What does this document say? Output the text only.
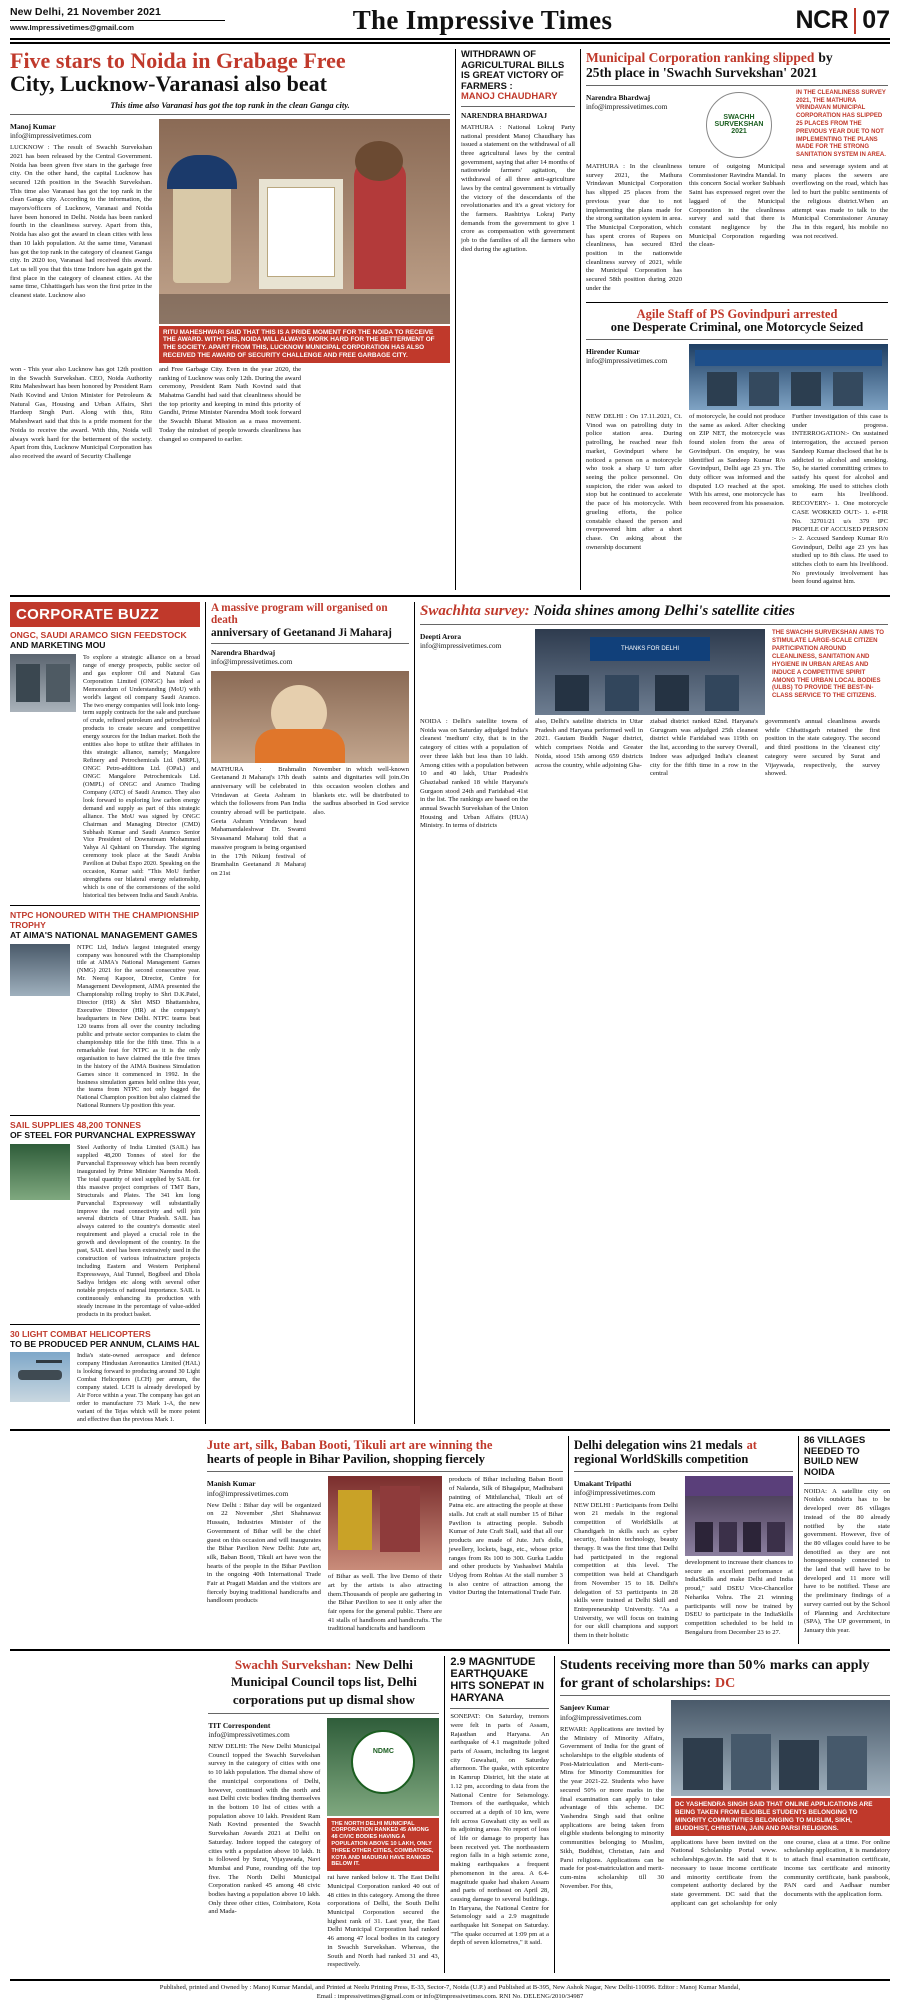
New Delhi, 21 November 2021
www.Impressivetimes@gmail.com	The Impressive Times	NCR 07
Five stars to Noida in Grabage Free
City, Lucknow-Varanasi also beat
This time also Varanasi has got the top rank in the clean Ganga city.
Manoj Kumar
info@impressivetimes.com

LUCKNOW : The result of Swachh Survekshan 2021 has been released by the Central Government. Noida has been given five stars in the garbage free city. On the other hand, the capital Lucknow has secured 12th position in the Swachh Survekshan. This time also Varanasi has got the top rank in the clean Ganga city. According to the information, the mayors/officers of Lucknow, Varanasi and Noida have been honored in Delhi. Noida has been ranked fourth in the cleanliness survey. Apart from this, Noida has also got the award in clean cities with less than 10 lakh population. At the same time, Varanasi has got the top rank in the category of cleanest Ganga city. In 2020 too, Varanasi had received this award. Let us tell you that this time Indore has again got the first place in the category of cleanest cities. At the same time, Chhattisgarh has won the first prize in the cleanest state. Lucknow also

RITU MAHESHWARI SAID THAT THIS IS A PRIDE MOMENT FOR THE NOIDA TO RECEIVE THE AWARD. WITH THIS, NOIDA WILL ALWAYS WORK HARD FOR THE BETTERMENT OF THE SOCIETY. APART FROM THIS, LUCKNOW MUNICIPAL CORPORATION HAS ALSO RECEIVED THE AWARD OF SECURITY CHALLENGE AND FREE GARBAGE CITY.

won - This year also Lucknow has got 12th position in the Swachh Survekshan. CEO, Noida Authority Ritu Maheshwari has been honored by President Ram Nath Kovind and Union Minister for Petroleum & Natural Gas, Housing and Urban Affairs, Shri Hardeep Singh Puri. Along with this, Ritu Maheshwari said that this is a pride moment for the Noida to receive the award. With this, Noida will always work hard for the betterment of the society. Apart from this, Lucknow Municipal Corporation has also received the award of Security Challenge

and Free Garbage City. Even in the year 2020, the ranking of Lucknow was only 12th. During the award ceremony, President Ram Nath Kovind said that Mahatma Gandhi had said that cleanliness should be the top priority and keeping in mind this priority of Gandhi, Prime Minister Narendra Modi took forward the Swachh Bharat Mission as a mass movement. Today the mindset of people towards cleanliness has changed so compared to earlier.

WITHDRAWN OF AGRICULTURAL BILLS IS GREAT VICTORY OF FARMERS :
MANOJ CHAUDHARY
NARENDRA BHARDWAJ

MATHURA : National Lokraj Party national president Manoj Chaudhary has issued a statement on the withdrawal of all three agricultural laws by the central government, saying that after 14 months of nationwide farmers' agitation, the withdrawal of all three anti-agriculture laws by the central government is virtually the victory of the descendants of the revolutionaries and it's a great victory for the farmers. Rashtriya Lokraj Party demands from the government to give 1 crore as compensation with government job to the families of all the farmers who died during the agitation.

Municipal Corporation ranking slipped by
25th place in 'Swachh Survekshan' 2021
Narendra Bhardwaj
info@impressivetimes.com
SWACHH
SURVEKSHAN
2021
IN THE CLEANLINESS SURVEY 2021, THE MATHURA VRINDAVAN MUNICIPAL CORPORATION HAS SLIPPED 25 PLACES FROM THE PREVIOUS YEAR DUE TO NOT IMPLEMENTING THE PLANS MADE FOR THE STRONG SANITATION SYSTEM IN AREA.

MATHURA : In the cleanliness survey 2021, the Mathura Vrindavan Municipal Corporation has slipped 25 places from the previous year due to not implementing the plans made for the strong sanitation system in area. The Municipal Corporation, which has spent crores of Rupees on cleanliness, has secured 83rd position in the nationwide cleanliness survey of 2021, while the Municipal Corporation has secured 58th position during 2020 under the

tenure of outgoing Municipal Commissioner Ravindra Mandal. In this concern Social worker Subhash Saini has expressed regret over the laggard of the Municipal Corporation in the cleanliness survey and said that there is constant negligence by the Municipal Corporation regarding the clean-

ness and sewerage system and at many places the sewers are overflowing on the road, which has led to hurt the public sentiments of the religious district.When an attempt was made to talk to the Municipal Commissioner Anunay Jha in this regard, his mobile no was not received.

Agile Staff of PS Govindpuri arrested
one Desperate Criminal, one Motorcycle Seized
Hirender Kumar
info@impressivetimes.com

NEW DELHI : On 17.11.2021, Ct. Vinod was on patrolling duty in police station area. During patrolling, he reached near fish market, Govindpuri where he noticed a person on a motorcycle who took a sharp U turn after seeing the police personnel. On suspicion, the rider was asked to stop but he continued to accelerate the pace of his motorcycle. With grueling efforts, the police constable chased the person and overpowered him after a short chase. On asking about the ownership document

of motorcycle, he could not produce the same as asked. After checking on ZIP NET, the motorcycle was found stolen from the area of Govindpuri. On enquiry, he was identified as Sandeep Kumar R/o Govindpuri, Delhi age 23 yrs. The duty officer was informed and the disputed I.O reached at the spot. With his arrest, one motorcycle has been recovered from his possession.

Further investigation of this case is under progress. INTERROGATION:- On sustained interrogation, the accused person Sandeep Kumar disclosed that he is addicted to alcohol and smoking. So, he started committing crimes to satisfy his quest for alcohol and smoking. He used to stitches cloth to earn his livelihood. RECOVERY:- 1. One motorcycle CASE WORKED OUT:- 1. e-FIR No. 32701/21 u/s 379 IPC PROFILE OF ACCUSED PERSON :- 2. Accused Sandeep Kumar R/o Govindpuri, Delhi age 23 yrs has studied up to 8th class. He used to stitches cloth to earn his livelihood. No previously involvement has been found against him.

CORPORATE BUZZ
ONGC, SAUDI ARAMCO SIGN FEEDSTOCK
AND MARKETING MOU
To explore a strategic alliance on a broad range of energy prospects, public sector oil and gas explorer Oil and Natural Gas Corporation Limited (ONGC) has inked a Memorandum of Understanding (MoU) with world's largest oil company Saudi Aramco. The two energy companies will look into long-term supply contracts for the sale and purchase of crude, refined petroleum and petrochemical products to create secure and competitive energy sources for the Indian market. Both the entities also hope to utilize their affiliates in this strategic alliance, namely; Mangalore Refinery and Petrochemicals Ltd. (MRPL), ONGC Petro-additions Ltd. (OPaL) and ONGC Mangalore Petrochemicals Ltd. (OMPL) of ONGC and Aramco Trading Company (ATC) of Saudi Aramco. They also look forward to exploring low carbon energy demand and supply as part of this strategic alliance. The MoU was signed by ONGC Chairman and Managing Director (CMD) Subhash Kumar and Saudi Aramco Senior Vice President of Downstream Mohammed Yahya Al Qahtani on Thursday. The signing ceremony took place at the Saudi Arabia Pavilion at Dubai Expo 2020. Speaking on the occasion, Kumar said: "This MoU further strengthens our bilateral energy relationship, which is one of the cornerstones of the solid historical ties between India and Saudi Arabia.
NTPC HONOURED WITH THE CHAMPIONSHIP TROPHY
AT AIMA'S NATIONAL MANAGEMENT GAMES
NTPC Ltd, India's largest integrated energy company was honoured with the Championship title at AIMA's National Management Games (NMG) 2021 for the second consecutive year. Mr. Neeraj Kapoor, Director, Centre for Management Development, AIMA presented the Championship rolling trophy to Shri D.K.Patel, Director (HR) & Shri MSD Bhattamishra, Executive Director (HR) at the company's headquarters in New Delhi. NTPC teams beat 120 teams from all over the country including public and private sector companies to claim the championship title for the fifth time. This is a remarkable feat for NTPC as it is the only organisation to have claimed the title five times in the history of the AIMA Business Simulation Games since it commenced in 1992. In the business simulation games held online this year, the teams from NTPC not only bagged the National Champion position but also claimed the National Runners Up position this year.
SAIL SUPPLIES 48,200 TONNES
OF STEEL FOR PURVANCHAL EXPRESSWAY
Steel Authority of India Limited (SAIL) has supplied 48,200 Tonnes of steel for the Purvanchal Expressway which has been recently inaugurated by Prime Minister Narendra Modi. The total quantity of steel supplied by SAIL for this massive project comprises of TMT Bars, Structurals and Plates. The 341 km long Purvanchal Expressway will substantially improve the road connectivity and will join several districts of Uttar Pradesh. SAIL has always catered to the country's domestic steel requirement and played a crucial role in the growth and development of the country. In the past, SAIL steel has been extensively used in the construction of various infrastructure projects including Eastern and Western Peripheral Expressways, Atal Tunnel, Bogibeel and Dhola Sadiya bridges etc along with several other notable projects of national importance. SAIL is continuously enhancing its production with steady increase in the percentage of value-added products in its product basket.
30 LIGHT COMBAT HELICOPTERS
TO BE PRODUCED PER ANNUM, CLAIMS HAL
India's state-owned aerospace and defence company Hindustan Aeronautics Limited (HAL) is looking forward to producing around 30 Light Combat Helicopters (LCH) per annum, the company stated. LCH is already developed by Air Force within a year. The company has got an order to manufacture 73 Mark 1-A, the new variant of the Tejas which will be more potent and effective than the previous Mark 1.
A massive program will organised on death
anniversary of Geetanand Ji Maharaj
Narendra Bhardwaj
info@impressivetimes.com

MATHURA : Brahmalin Geetanand Ji Maharaj's 17th death anniversary will be celebrated in Vrindavan at Geeta Ashram in which the followers from Pan India country abroad will be participate. Geeta Ashram Vrindavan head Mahamandaleshwar Dr. Swami Sivasanand Maharaj told that a massive program is being organised in the 17th Nikunj festival of Bramhalin Geetanand Ji Maharaj on 21st

November in which well-known saints and dignitaries will join.On this occasion woolen clothes and blankets etc. will be distributed to the sadhus absorbed in God service also.

Swachhta survey: Noida shines among Delhi's satellite cities
Deepti Arora
info@impressivetimes.com	THANKS FOR DELHI
THE SWACHH SURVEKSHAN AIMS TO STIMULATE LARGE-SCALE CITIZEN PARTICIPATION AROUND CLEANLINESS, SANITATION AND HYGIENE IN URBAN AREAS AND INDUCE A COMPETITIVE SPIRIT AMONG THE URBAN LOCAL BODIES (ULBS) TO PROVIDE THE BEST-IN-CLASS SERVICE TO THE CITIZENS.

NOIDA : Delhi's satellite towns of Noida was on Saturday adjudged India's cleanest 'medium' city, that is in the category of cities with a population of over three lakh but less than 10 lakh. Among cities with a population between 10 and 40 lakh, Uttar Pradesh's Ghaziabad ranked 18 while Haryana's Gurgaon stood 24th and Faridabad 41st in the list. The rankings are based on the annual Swachh Survekshan of the Union Housing and Urban Affairs (HUA) Ministry. In terms of districts

also, Delhi's satellite districts in Uttar Pradesh and Haryana performed well in 2021. Gautam Buddh Nagar district, which comprises Noida and Greater Noida, stood 15th among 659 districts across the country, while adjoining Gha-

ziabad district ranked 82nd. Haryana's Gurugram was adjudged 25th cleanest district while Faridabad was 119th on the list, according to the survey Overall, Indore was adjudged India's cleanest city for the fifth time in a row in the central

government's annual cleanliness awards while Chhattisgarh retained the first position in the state category. The second and third positions in the 'cleanest city' category were secured by Surat and Vijaywada, respectively, the survey showed.

Jute art, silk, Baban Booti, Tikuli art are winning the
hearts of people in Bihar Pavilion, shopping fiercely
Manish Kumar
info@impressivetimes.com

New Delhi : Bihar day will be organized on 22 November ,Shri Shahnawaz Hussain, Industries Minister of the Government of Bihar will be the chief guest on this occasion and will inaugurates the Bihar Pavilion New Delhi: Jute art, silk, Baban Booti, Tikuli art have won the hearts of the people in the Bihar Pavilion in the ongoing 40th International Trade Fair at Pragati Maidan and the visitors are fiercely buying traditional handicrafts and handloom products

of Bihar as well. The live Demo of their art by the artists is also attracting them.Thousands of people are gathering in the Bihar Pavilion to see it only after the fair opens for the general public. There are 41 stalls of handloom and handicrafts. The traditional handicrafts and handloom

products of Bihar including Baban Booti of Nalanda, Silk of Bhagalpur, Madhubani painting of Mithilanchal, Tikuli art of Patna etc. are attracting the people at these stalls. Jut craft at stall number 15 of Bihar Pavilion is attracting people. Subodh Kumar of Jute Craft Stall, said that all our products are made of Jute. Jut's dolls, jewellery, lockets, bags, etc., whose price ranges from Rs 100 to 300. Gurka Laddu and other products by Yashashwi Mahila Udyog from Rohtas At the stall number 3 is also centre of attraction among the visitor During the International Trade Fair.

Delhi delegation wins 21 medals at
regional WorldSkills competition
Umakant Tripathi
info@impressivetimes.com

NEW DELHI : Participants from Delhi won 21 medals in the regional competition of WorldSkills at Chandigarh in skills such as cyber security, fashion technology, beauty therapy. It was the first time that Delhi had participated in the regional competition at this level. The competition was held at Chandigarh from November 15 to 18. Delhi's delegation of 53 participants in 28 skills were trained at Delhi Skill and Entrepreneurship University. "As a University, we will focus on training for our skill champions and support them in their holistic

development to increase their chances to secure an excellent performance at IndiaSkills and make Delhi and India proud," said DSEU Vice-Chancellor Neharika Vohra. The 21 winning participants will now be trained by DSEU to participate in the IndiaSkills competition scheduled to be held in Bengaluru from December 23 to 27.

86 VILLAGES NEEDED TO BUILD NEW NOIDA

NOIDA: A satellite city on Noida's outskirts has to be developed over 86 villages instead of the 80 already notified by the state government. However, five of the 80 villages could have to be denotified as they are not homogeneously connected to the land that will have to be developed and 11 more will have to be notified. These are the preliminary findings of a survey carried out by the School of Planning and Architecture (SPA), The UP government, in January this year.

Swachh Survekshan: New Delhi Municipal Council tops list, Delhi corporations put up dismal show
TIT Correspondent
info@impressivetimes.com

NEW DELHI: The New Delhi Municipal Council topped the Swachh Survekshan survey in the category of cities with one to 10 lakh population. The dismal show of the municipal corporations of Delhi, however, continued with the north and east Delhi civic bodies finding themselves in the bottom 10 list of cities with a population above 10 lakh. President Ram Nath Kovind presented the Swachh Survekshan Awards 2021 at Delhi on Saturday. Indore topped the category of cities with a population above 10 lakh. It is followed by Surat, Vijayawada, Navi Mumbai and Pune, rounding off the top five. The North Delhi Municipal Corporation ranked 45 among 48 civic bodies having a population above 10 lakh. Only three other cities, Coimbatore, Kota and Mada-

NDMC
THE NORTH DELHI MUNICIPAL CORPORATION RANKED 45 AMONG 48 CIVIC BODIES HAVING A POPULATION ABOVE 10 LAKH, ONLY THREE OTHER CITIES, COIMBATORE, KOTA AND MADURAI HAVE RANKED BELOW IT.

rai have ranked below it. The East Delhi Municipal Corporation ranked 40 out of 48 cities in this category. Among the three corporations of Delhi, the South Delhi Municipal Corporation secured the highest rank of 31. Last year, the East Delhi Municipal Corporation had ranked 46 among 47 local bodies in its category in Swachh Survekshan. Whereas, the South and North had ranked 31 and 43, respectively.

2.9 MAGNITUDE EARTHQUAKE HITS SONEPAT IN HARYANA

SONEPAT: On Saturday, tremors were felt in parts of Assam, Rajasthan and Haryana. An earthquake of 4.1 magnitude jolted parts of Assam, including its largest city Guwahati, on Saturday afternoon. The quake, with epicentre in Kamrup District, hit the state at 1.12 pm, according to data from the National Centre for Seismology. Tremors of the earthquake, which occurred at a depth of 10 km, were felt across Guwahati city as well as its adjoining areas. No report of loss of life or damage to property has been received yet. The northeastern region falls in a high seismic zone, making earthquakes a frequent phenomenon in the area. A 6.4-magnitude quake had shaken Assam and parts of northeast on April 28, causing damage to several buildings. In Haryana, the National Centre for Seismology said a 2.9 magnitude earthquake hit Sonepat on Saturday. "The quake occurred at 1:09 pm at a depth of seven kilometres," it said.

Students receiving more than 50% marks can apply for grant of scholarships: DC
Sanjeev Kumar
info@impressivetimes.com

REWARI: Applications are invited by the Ministry of Minority Affairs, Government of India for the grant of scholarships to the eligible students of Post-Matriculation and Merit-cum-Mins for Minority Communities for the year 2021-22. Students who have secured 50% or more marks in the final examination can apply to take advantage of this scheme. DC Yashendra Singh said that online applications are being taken from eligible students belonging to minority communities belonging to Muslim, Sikh, Buddhist, Christian, Jain and Parsi religions. Applications can be made for post-matriculation and merit-cum-mins scholarship till 30 November. For this,

DC YASHENDRA SINGH SAID THAT ONLINE APPLICATIONS ARE BEING TAKEN FROM ELIGIBLE STUDENTS BELONGING TO MINORITY COMMUNITIES BELONGING TO MUSLIM, SIKH, BUDDHIST, CHRISTIAN, JAIN AND PARSI RELIGIONS.

applications have been invited on the National Scholarship Portal www. scholarships.gov.in. He said that it is necessary to issue income certificate and minority certificate from the competent authority declared by the state government. DC said that the applicant can get scholarship for only one course, class at a time. For online scholarship application, it is mandatory to attach final examination certificate, income tax certificate and minority community certificate, bank passbook, PAN card and Aadhaar number documents with the application form.

Published, printed and Owned by : Manoj Kumar Mandal, and Printed at Neelu Printing Press, E-33, Sector-7, Noida (U.P.) and Published at B-395, New Ashok Nagar, New Delhi-110096. Editor : Manoj Kumar Mandal,
Email : impressivetimes@gmail.com or info@impressivetimes.com. RNI No. DELENG/2010/34987
